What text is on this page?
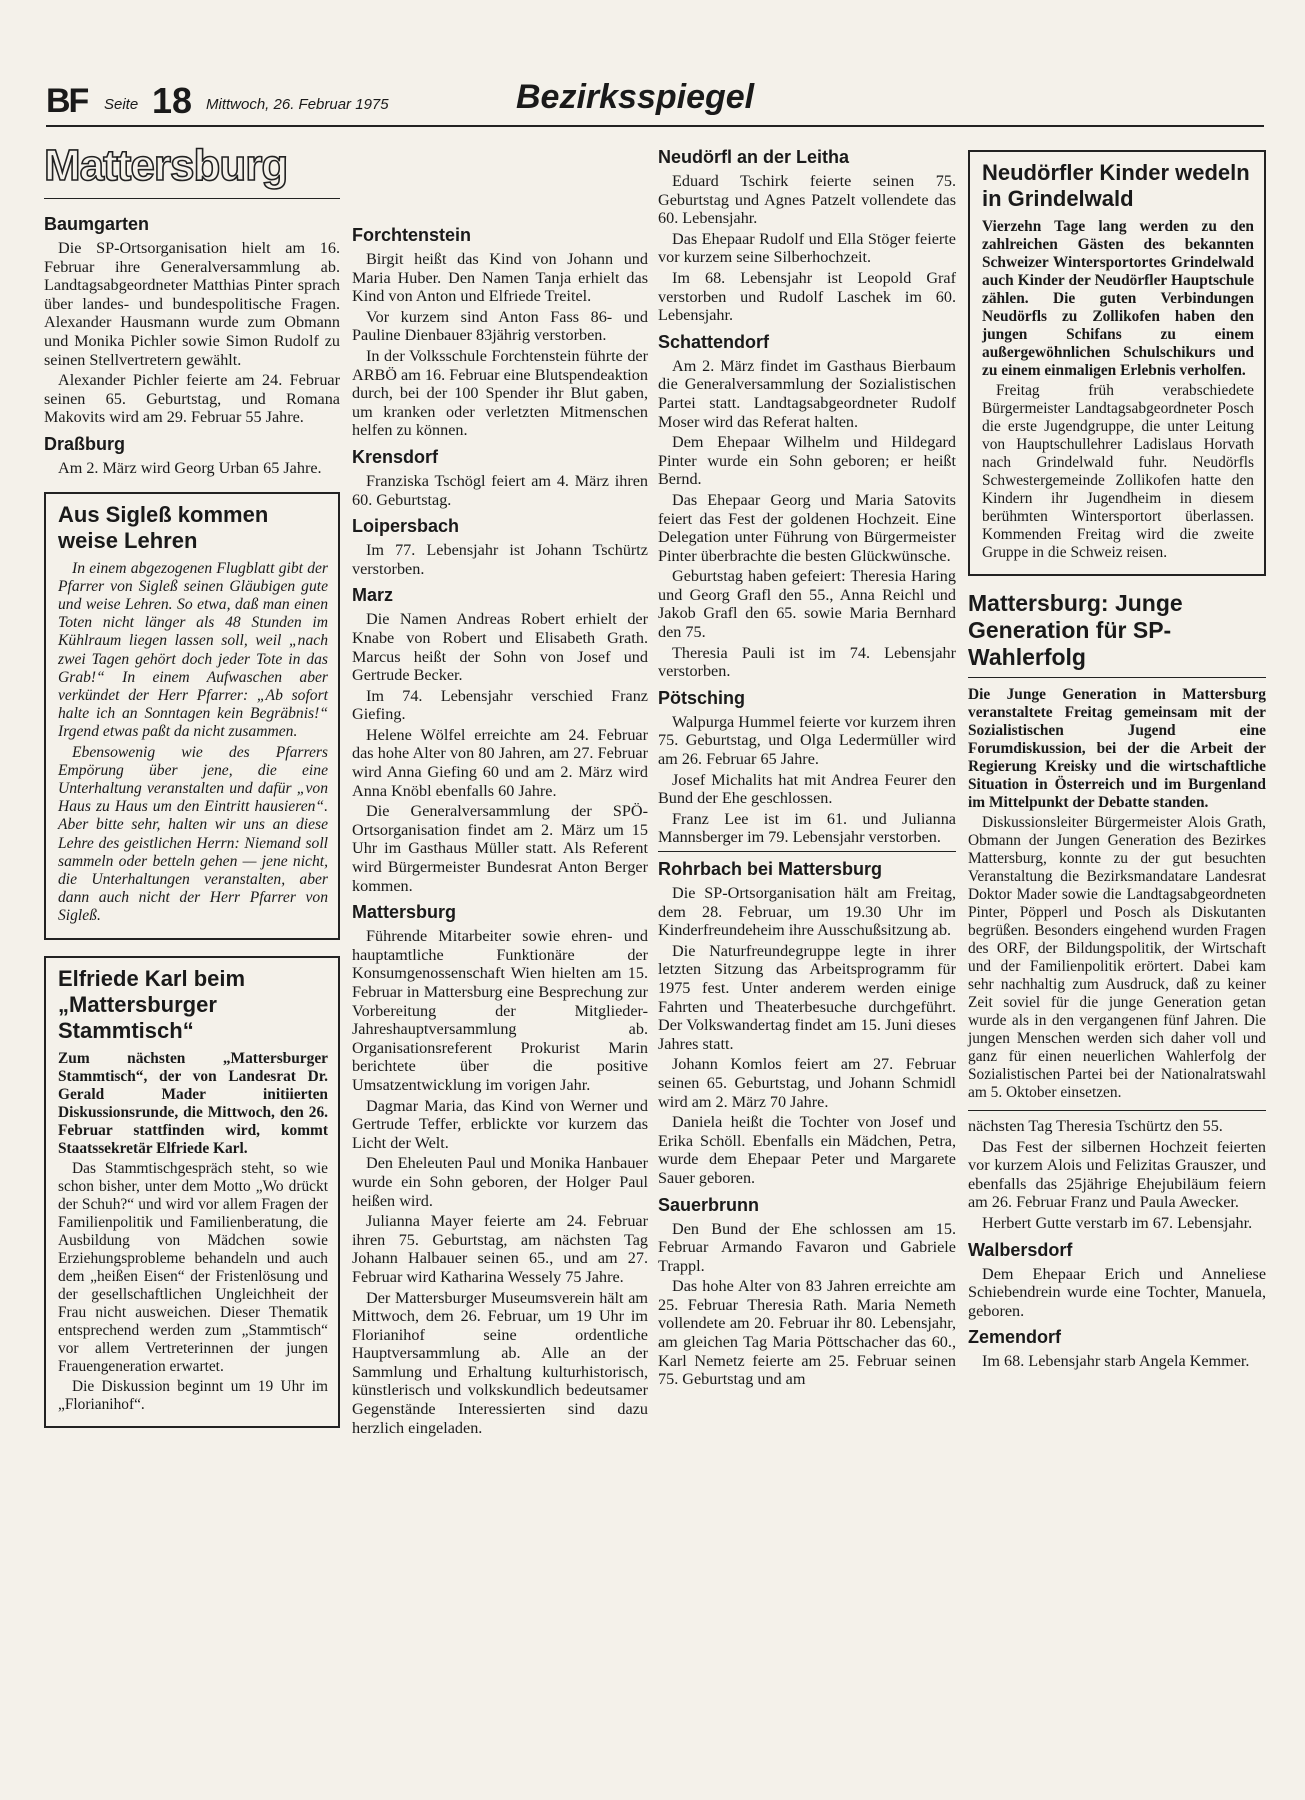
BF Seite 18 Mittwoch, 26. Februar 1975	Bezirksspiegel
Mattersburg
Baumgarten

Die SP-Ortsorganisation hielt am 16. Februar ihre Generalversammlung ab. Landtagsabgeordneter Matthias Pinter sprach über landes- und bundespolitische Fragen. Alexander Hausmann wurde zum Obmann und Monika Pichler sowie Simon Rudolf zu seinen Stellvertretern gewählt.

Alexander Pichler feierte am 24. Februar seinen 65. Geburtstag, und Romana Makovits wird am 29. Februar 55 Jahre.

Draßburg

Am 2. März wird Georg Urban 65 Jahre.

Aus Sigleß kommen weise Lehren

In einem abgezogenen Flugblatt gibt der Pfarrer von Sigleß seinen Gläubigen gute und weise Lehren. So etwa, daß man einen Toten nicht länger als 48 Stunden im Kühlraum liegen lassen soll, weil „nach zwei Tagen gehört doch jeder Tote in das Grab!“ In einem Aufwaschen aber verkündet der Herr Pfarrer: „Ab sofort halte ich an Sonntagen kein Begräbnis!“ Irgend etwas paßt da nicht zusammen.

Ebensowenig wie des Pfarrers Empörung über jene, die eine Unterhaltung veranstalten und dafür „von Haus zu Haus um den Eintritt hausieren“. Aber bitte sehr, halten wir uns an diese Lehre des geistlichen Herrn: Niemand soll sammeln oder betteln gehen — jene nicht, die Unterhaltungen veranstalten, aber dann auch nicht der Herr Pfarrer von Sigleß.

Elfriede Karl beim „Mattersburger Stammtisch“

Zum nächsten „Mattersburger Stammtisch“, der von Landesrat Dr. Gerald Mader initiierten Diskussionsrunde, die Mittwoch, den 26. Februar stattfinden wird, kommt Staatssekretär Elfriede Karl.

Das Stammtischgespräch steht, so wie schon bisher, unter dem Motto „Wo drückt der Schuh?“ und wird vor allem Fragen der Familienpolitik und Familienberatung, die Ausbildung von Mädchen sowie Erziehungsprobleme behandeln und auch dem „heißen Eisen“ der Fristenlösung und der gesellschaftlichen Ungleichheit der Frau nicht ausweichen. Dieser Thematik entsprechend werden zum „Stammtisch“ vor allem Vertreterinnen der jungen Frauengeneration erwartet.

Die Diskussion beginnt um 19 Uhr im „Florianihof“.

Forchtenstein

Birgit heißt das Kind von Johann und Maria Huber. Den Namen Tanja erhielt das Kind von Anton und Elfriede Treitel.

Vor kurzem sind Anton Fass 86- und Pauline Dienbauer 83jährig verstorben.

In der Volksschule Forchtenstein führte der ARBÖ am 16. Februar eine Blutspendeaktion durch, bei der 100 Spender ihr Blut gaben, um kranken oder verletzten Mitmenschen helfen zu können.

Krensdorf

Franziska Tschögl feiert am 4. März ihren 60. Geburtstag.

Loipersbach

Im 77. Lebensjahr ist Johann Tschürtz verstorben.

Marz

Die Namen Andreas Robert erhielt der Knabe von Robert und Elisabeth Grath. Marcus heißt der Sohn von Josef und Gertrude Becker.

Im 74. Lebensjahr verschied Franz Giefing.

Helene Wölfel erreichte am 24. Februar das hohe Alter von 80 Jahren, am 27. Februar wird Anna Giefing 60 und am 2. März wird Anna Knöbl ebenfalls 60 Jahre.

Die Generalversammlung der SPÖ-Ortsorganisation findet am 2. März um 15 Uhr im Gasthaus Müller statt. Als Referent wird Bürgermeister Bundesrat Anton Berger kommen.

Mattersburg

Führende Mitarbeiter sowie ehren- und hauptamtliche Funktionäre der Konsumgenossenschaft Wien hielten am 15. Februar in Mattersburg eine Besprechung zur Vorbereitung der Mitglieder-Jahreshauptversammlung ab. Organisationsreferent Prokurist Marin berichtete über die positive Umsatzentwicklung im vorigen Jahr.

Dagmar Maria, das Kind von Werner und Gertrude Teffer, erblickte vor kurzem das Licht der Welt.

Den Eheleuten Paul und Monika Hanbauer wurde ein Sohn geboren, der Holger Paul heißen wird.

Julianna Mayer feierte am 24. Februar ihren 75. Geburtstag, am nächsten Tag Johann Halbauer seinen 65., und am 27. Februar wird Katharina Wessely 75 Jahre.

Der Mattersburger Museumsverein hält am Mittwoch, dem 26. Februar, um 19 Uhr im Florianihof seine ordentliche Hauptversammlung ab. Alle an der Sammlung und Erhaltung kulturhistorisch, künstlerisch und volkskundlich bedeutsamer Gegenstände Interessierten sind dazu herzlich eingeladen.

Neudörfl an der Leitha

Eduard Tschirk feierte seinen 75. Geburtstag und Agnes Patzelt vollendete das 60. Lebensjahr.

Das Ehepaar Rudolf und Ella Stöger feierte vor kurzem seine Silberhochzeit.

Im 68. Lebensjahr ist Leopold Graf verstorben und Rudolf Laschek im 60. Lebensjahr.

Schattendorf

Am 2. März findet im Gasthaus Bierbaum die Generalversammlung der Sozialistischen Partei statt. Landtagsabgeordneter Rudolf Moser wird das Referat halten.

Dem Ehepaar Wilhelm und Hildegard Pinter wurde ein Sohn geboren; er heißt Bernd.

Das Ehepaar Georg und Maria Satovits feiert das Fest der goldenen Hochzeit. Eine Delegation unter Führung von Bürgermeister Pinter überbrachte die besten Glückwünsche.

Geburtstag haben gefeiert: Theresia Haring und Georg Grafl den 55., Anna Reichl und Jakob Grafl den 65. sowie Maria Bernhard den 75.

Theresia Pauli ist im 74. Lebensjahr verstorben.

Pötsching

Walpurga Hummel feierte vor kurzem ihren 75. Geburtstag, und Olga Ledermüller wird am 26. Februar 65 Jahre.

Josef Michalits hat mit Andrea Feurer den Bund der Ehe geschlossen.

Franz Lee ist im 61. und Julianna Mannsberger im 79. Lebensjahr verstorben.

Rohrbach bei Mattersburg

Die SP-Ortsorganisation hält am Freitag, dem 28. Februar, um 19.30 Uhr im Kinderfreundeheim ihre Ausschußsitzung ab.

Die Naturfreundegruppe legte in ihrer letzten Sitzung das Arbeitsprogramm für 1975 fest. Unter anderem werden einige Fahrten und Theaterbesuche durchgeführt. Der Volkswandertag findet am 15. Juni dieses Jahres statt.

Johann Komlos feiert am 27. Februar seinen 65. Geburtstag, und Johann Schmidl wird am 2. März 70 Jahre.

Daniela heißt die Tochter von Josef und Erika Schöll. Ebenfalls ein Mädchen, Petra, wurde dem Ehepaar Peter und Margarete Sauer geboren.

Sauerbrunn

Den Bund der Ehe schlossen am 15. Februar Armando Favaron und Gabriele Trappl.

Das hohe Alter von 83 Jahren erreichte am 25. Februar Theresia Rath. Maria Nemeth vollendete am 20. Februar ihr 80. Lebensjahr, am gleichen Tag Maria Pöttschacher das 60., Karl Nemetz feierte am 25. Februar seinen 75. Geburtstag und am

Neudörfler Kinder wedeln in Grindelwald

Vierzehn Tage lang werden zu den zahlreichen Gästen des bekannten Schweizer Wintersportortes Grindelwald auch Kinder der Neudörfler Hauptschule zählen. Die guten Verbindungen Neudörfls zu Zollikofen haben den jungen Schifans zu einem außergewöhnlichen Schulschikurs und zu einem einmaligen Erlebnis verholfen.

Freitag früh verabschiedete Bürgermeister Landtagsabgeordneter Posch die erste Jugendgruppe, die unter Leitung von Hauptschullehrer Ladislaus Horvath nach Grindelwald fuhr. Neudörfls Schwestergemeinde Zollikofen hatte den Kindern ihr Jugendheim in diesem berühmten Wintersportort überlassen. Kommenden Freitag wird die zweite Gruppe in die Schweiz reisen.

Mattersburg: Junge Generation für SP-Wahlerfolg

Die Junge Generation in Mattersburg veranstaltete Freitag gemeinsam mit der Sozialistischen Jugend eine Forumdiskussion, bei der die Arbeit der Regierung Kreisky und die wirtschaftliche Situation in Österreich und im Burgenland im Mittelpunkt der Debatte standen.

Diskussionsleiter Bürgermeister Alois Grath, Obmann der Jungen Generation des Bezirkes Mattersburg, konnte zu der gut besuchten Veranstaltung die Bezirksmandatare Landesrat Doktor Mader sowie die Landtagsabgeordneten Pinter, Pöpperl und Posch als Diskutanten begrüßen. Besonders eingehend wurden Fragen des ORF, der Bildungspolitik, der Wirtschaft und der Familienpolitik erörtert. Dabei kam sehr nachhaltig zum Ausdruck, daß zu keiner Zeit soviel für die junge Generation getan wurde als in den vergangenen fünf Jahren. Die jungen Menschen werden sich daher voll und ganz für einen neuerlichen Wahlerfolg der Sozialistischen Partei bei der Nationalratswahl am 5. Oktober einsetzen.

nächsten Tag Theresia Tschürtz den 55.

Das Fest der silbernen Hochzeit feierten vor kurzem Alois und Felizitas Grauszer, und ebenfalls das 25jährige Ehejubiläum feiern am 26. Februar Franz und Paula Awecker.

Herbert Gutte verstarb im 67. Lebensjahr.

Walbersdorf

Dem Ehepaar Erich und Anneliese Schiebendrein wurde eine Tochter, Manuela, geboren.

Zemendorf

Im 68. Lebensjahr starb Angela Kemmer.
